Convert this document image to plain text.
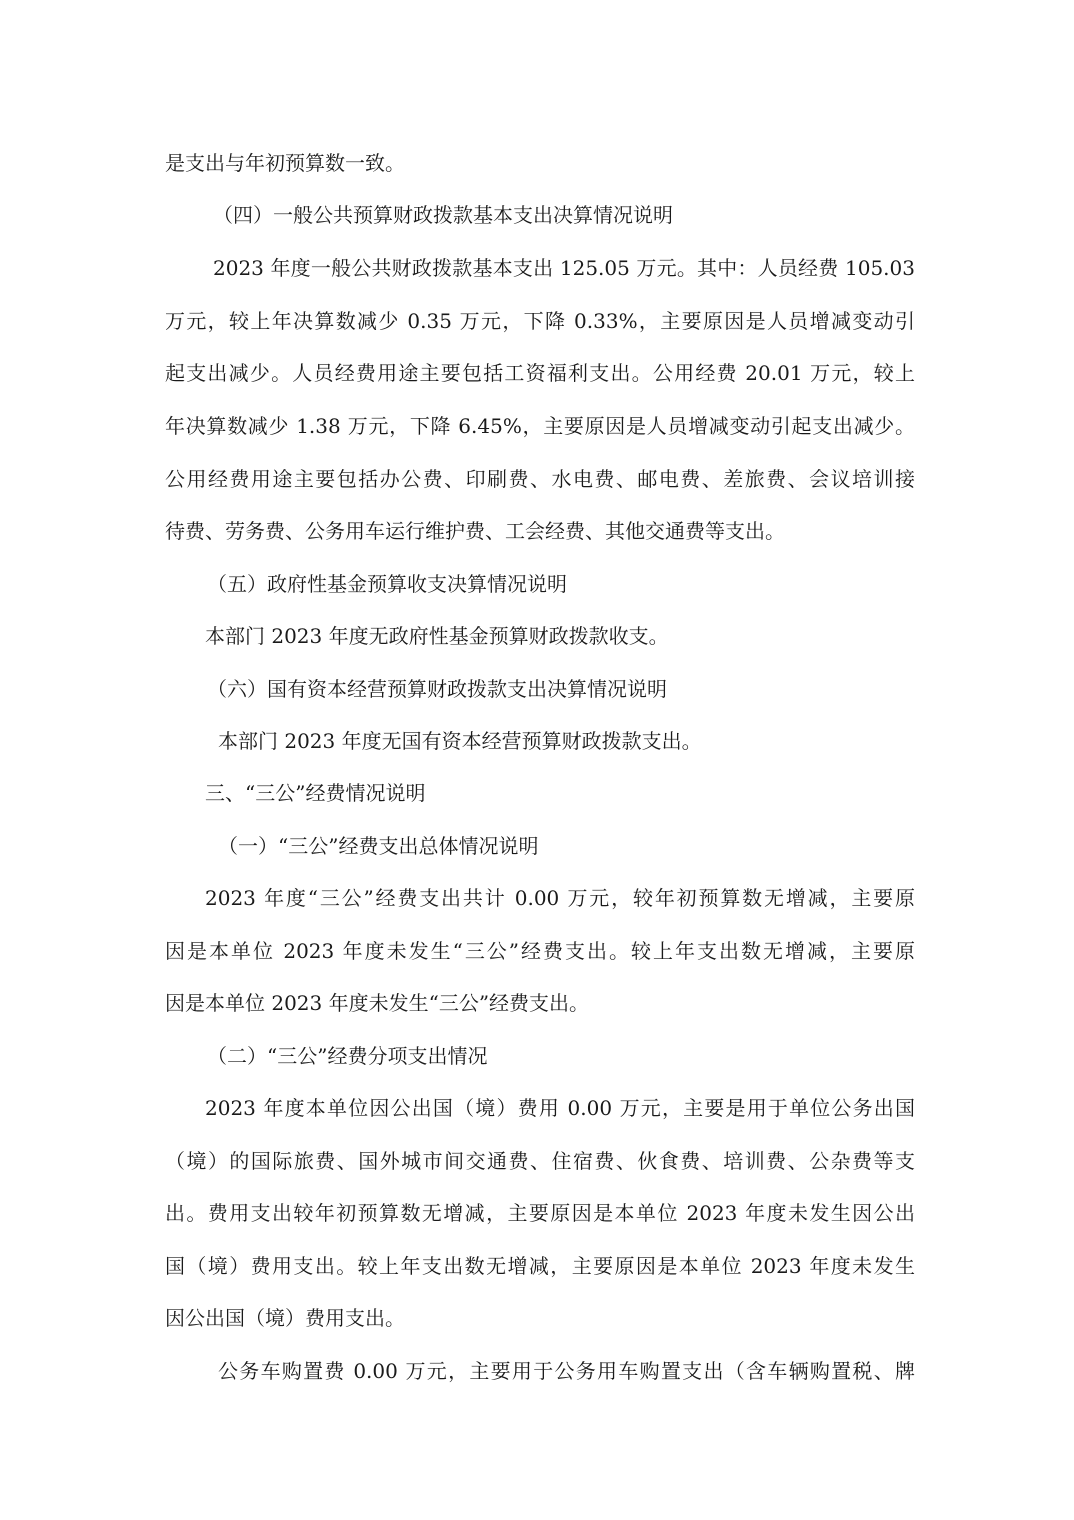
是支出与年初预算数一致。
（四）一般公共预算财政拨款基本支出决算情况说明
2023 年度一般公共财政拨款基本支出 125.05 万元。其中：人员经费 105.03
万元，较上年决算数减少 0.35 万元，下降 0.33%，主要原因是人员增减变动引
起支出减少。人员经费用途主要包括工资福利支出。公用经费 20.01 万元，较上
年决算数减少 1.38 万元，下降 6.45%，主要原因是人员增减变动引起支出减少。
公用经费用途主要包括办公费、印刷费、水电费、邮电费、差旅费、会议培训接
待费、劳务费、公务用车运行维护费、工会经费、其他交通费等支出。
（五）政府性基金预算收支决算情况说明
本部门 2023 年度无政府性基金预算财政拨款收支。
（六）国有资本经营预算财政拨款支出决算情况说明
本部门 2023 年度无国有资本经营预算财政拨款支出。
三、“三公”经费情况说明
（一）“三公”经费支出总体情况说明
2023 年度“三公”经费支出共计 0.00 万元，较年初预算数无增减，主要原
因是本单位 2023 年度未发生“三公”经费支出。较上年支出数无增减，主要原
因是本单位 2023 年度未发生“三公”经费支出。
（二）“三公”经费分项支出情况
2023 年度本单位因公出国（境）费用 0.00 万元，主要是用于单位公务出国
（境）的国际旅费、国外城市间交通费、住宿费、伙食费、培训费、公杂费等支
出。费用支出较年初预算数无增减，主要原因是本单位 2023 年度未发生因公出
国（境）费用支出。较上年支出数无增减，主要原因是本单位 2023 年度未发生
因公出国（境）费用支出。
公务车购置费 0.00 万元，主要用于公务用车购置支出（含车辆购置税、牌
